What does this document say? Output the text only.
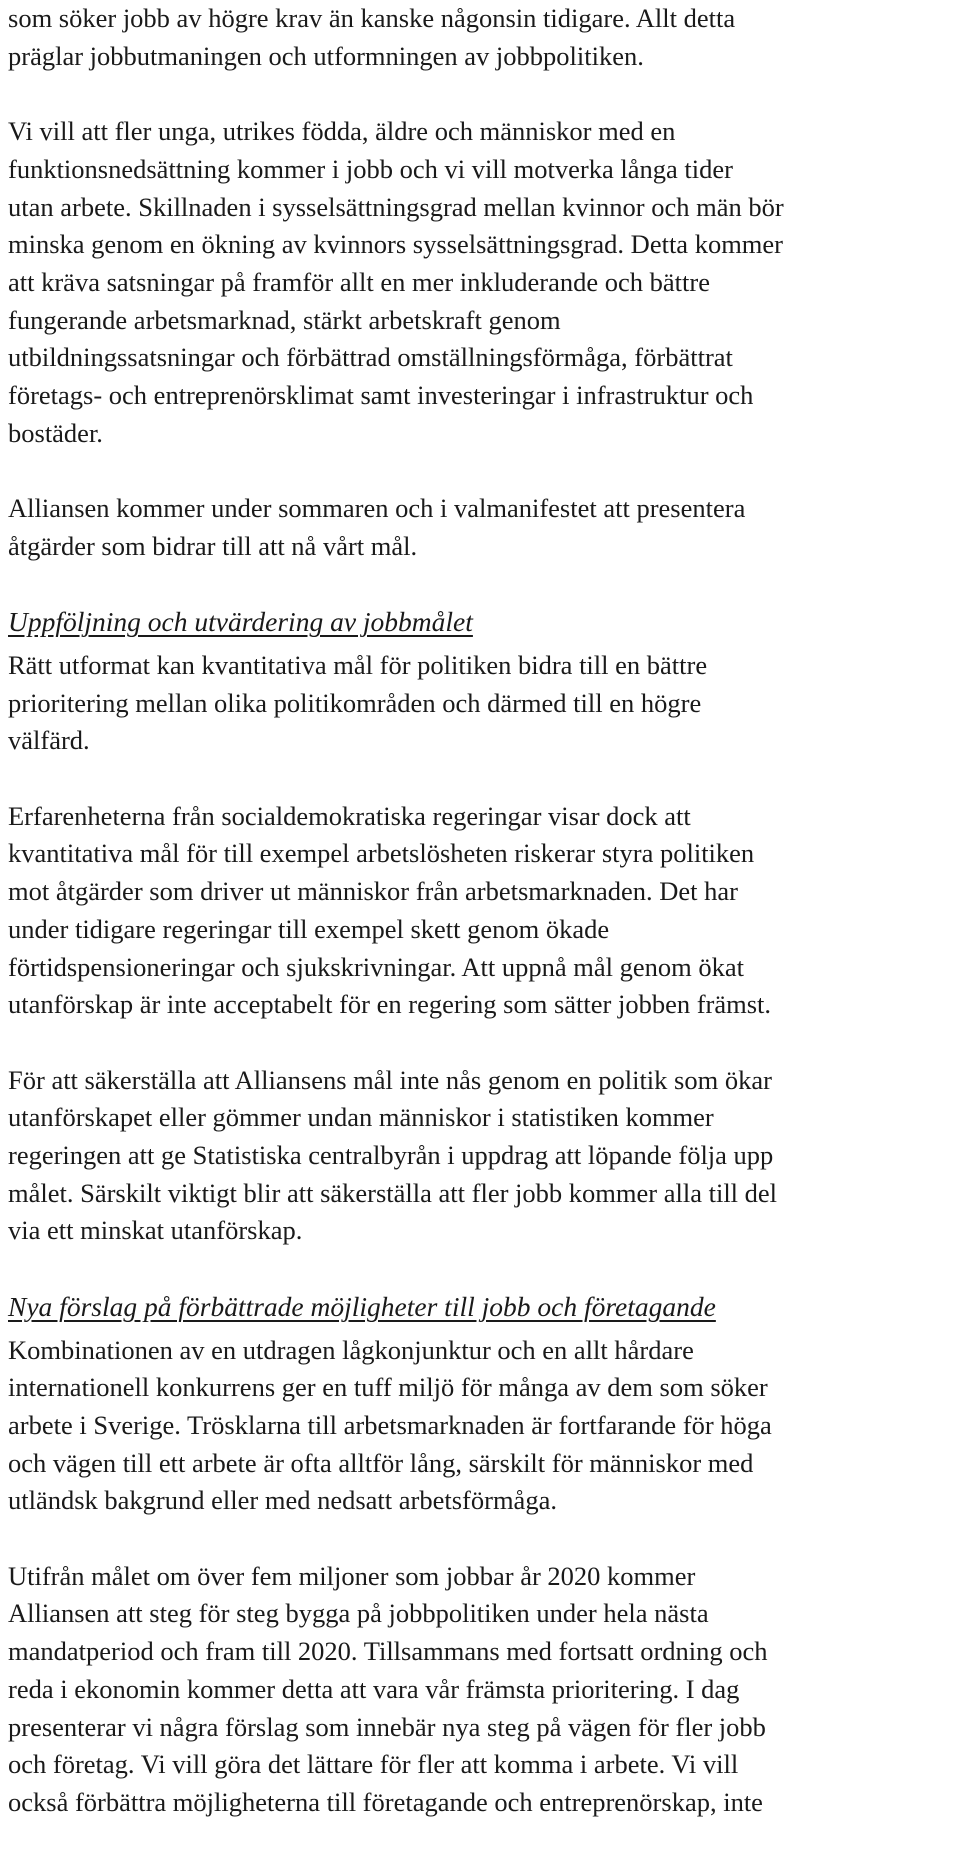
som söker jobb av högre krav än kanske någonsin tidigare. Allt detta
präglar jobbutmaningen och utformningen av jobbpolitiken.
Vi vill att fler unga, utrikes födda, äldre och människor med en
funktionsnedsättning kommer i jobb och vi vill motverka långa tider
utan arbete. Skillnaden i sysselsättningsgrad mellan kvinnor och män bör
minska genom en ökning av kvinnors sysselsättningsgrad. Detta kommer
att kräva satsningar på framför allt en mer inkluderande och bättre
fungerande arbetsmarknad, stärkt arbetskraft genom
utbildningssatsningar och förbättrad omställningsförmåga, förbättrat
företags- och entreprenörsklimat samt investeringar i infrastruktur och
bostäder.
Alliansen kommer under sommaren och i valmanifestet att presentera
åtgärder som bidrar till att nå vårt mål.
Uppföljning och utvärdering av jobbmålet
Rätt utformat kan kvantitativa mål för politiken bidra till en bättre
prioritering mellan olika politikområden och därmed till en högre
välfärd.
Erfarenheterna från socialdemokratiska regeringar visar dock att
kvantitativa mål för till exempel arbetslösheten riskerar styra politiken
mot åtgärder som driver ut människor från arbetsmarknaden. Det har
under tidigare regeringar till exempel skett genom ökade
förtidspensioneringar och sjukskrivningar. Att uppnå mål genom ökat
utanförskap är inte acceptabelt för en regering som sätter jobben främst.
För att säkerställa att Alliansens mål inte nås genom en politik som ökar
utanförskapet eller gömmer undan människor i statistiken kommer
regeringen att ge Statistiska centralbyrån i uppdrag att löpande följa upp
målet. Särskilt viktigt blir att säkerställa att fler jobb kommer alla till del
via ett minskat utanförskap.
Nya förslag på förbättrade möjligheter till jobb och företagande
Kombinationen av en utdragen lågkonjunktur och en allt hårdare
internationell konkurrens ger en tuff miljö för många av dem som söker
arbete i Sverige. Trösklarna till arbetsmarknaden är fortfarande för höga
och vägen till ett arbete är ofta alltför lång, särskilt för människor med
utländsk bakgrund eller med nedsatt arbetsförmåga.
Utifrån målet om över fem miljoner som jobbar år 2020 kommer
Alliansen att steg för steg bygga på jobbpolitiken under hela nästa
mandatperiod och fram till 2020. Tillsammans med fortsatt ordning och
reda i ekonomin kommer detta att vara vår främsta prioritering. I dag
presenterar vi några förslag som innebär nya steg på vägen för fler jobb
och företag. Vi vill göra det lättare för fler att komma i arbete. Vi vill
också förbättra möjligheterna till företagande och entreprenörskap, inte
